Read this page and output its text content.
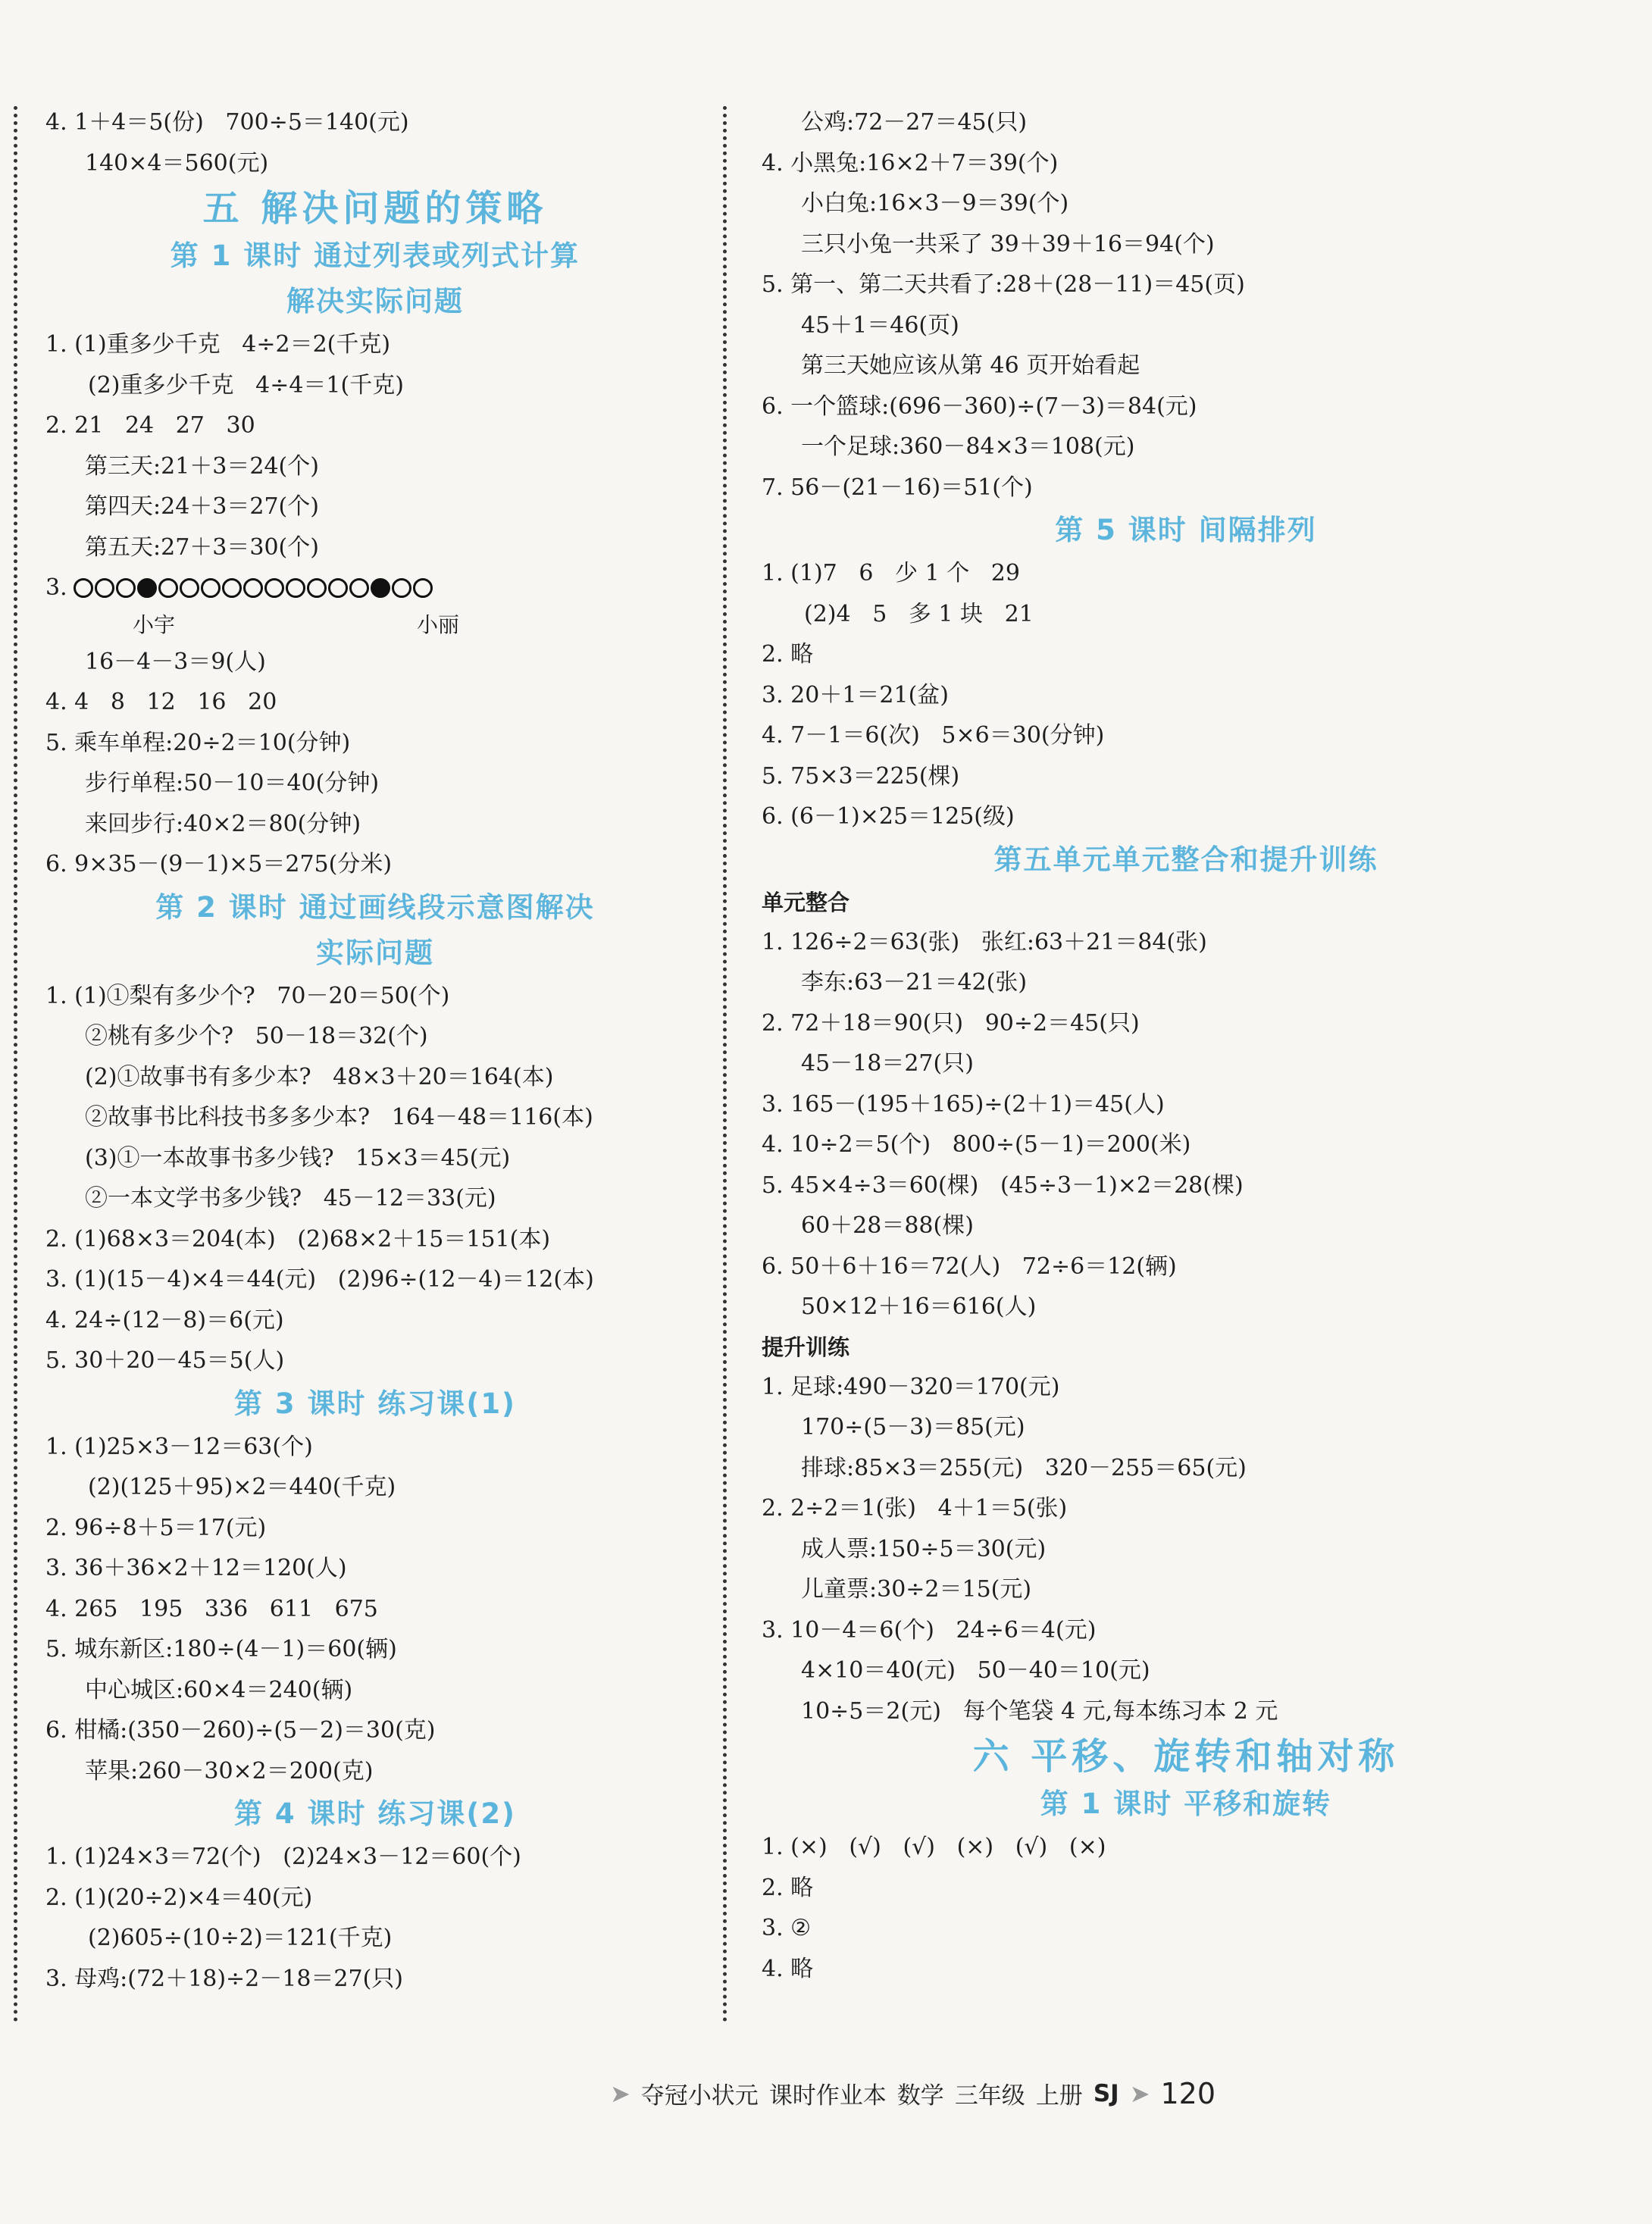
4. 1＋4＝5(份)   700÷5＝140(元)
140×4＝560(元)
五 解决问题的策略
第 1 课时 通过列表或列式计算
解决实际问题
1. (1)重多少千克   4÷2＝2(千克)
(2)重多少千克   4÷4＝1(千克)
2. 21   24   27   30
第三天:21＋3＝24(个)
第四天:24＋3＝27(个)
第五天:27＋3＝30(个)
3.
小宇	小丽
16－4－3＝9(人)
4. 4   8   12   16   20
5. 乘车单程:20÷2＝10(分钟)
步行单程:50－10＝40(分钟)
来回步行:40×2＝80(分钟)
6. 9×35－(9－1)×5＝275(分米)
第 2 课时 通过画线段示意图解决
实际问题
1. (1)①梨有多少个?   70－20＝50(个)
②桃有多少个?   50－18＝32(个)
(2)①故事书有多少本?   48×3＋20＝164(本)
②故事书比科技书多多少本?   164－48＝116(本)
(3)①一本故事书多少钱?   15×3＝45(元)
②一本文学书多少钱?   45－12＝33(元)
2. (1)68×3＝204(本)   (2)68×2＋15＝151(本)
3. (1)(15－4)×4＝44(元)   (2)96÷(12－4)＝12(本)
4. 24÷(12－8)＝6(元)
5. 30＋20－45＝5(人)
第 3 课时 练习课(1)
1. (1)25×3－12＝63(个)
(2)(125＋95)×2＝440(千克)
2. 96÷8＋5＝17(元)
3. 36＋36×2＋12＝120(人)
4. 265   195   336   611   675
5. 城东新区:180÷(4－1)＝60(辆)
中心城区:60×4＝240(辆)
6. 柑橘:(350－260)÷(5－2)＝30(克)
苹果:260－30×2＝200(克)
第 4 课时 练习课(2)
1. (1)24×3＝72(个)   (2)24×3－12＝60(个)
2. (1)(20÷2)×4＝40(元)
(2)605÷(10÷2)＝121(千克)
3. 母鸡:(72＋18)÷2－18＝27(只)
公鸡:72－27＝45(只)
4. 小黑兔:16×2＋7＝39(个)
小白兔:16×3－9＝39(个)
三只小兔一共采了 39＋39＋16＝94(个)
5. 第一、第二天共看了:28＋(28－11)＝45(页)
45＋1＝46(页)
第三天她应该从第 46 页开始看起
6. 一个篮球:(696－360)÷(7－3)＝84(元)
一个足球:360－84×3＝108(元)
7. 56－(21－16)＝51(个)
第 5 课时 间隔排列
1. (1)7   6   少 1 个   29
(2)4   5   多 1 块   21
2. 略
3. 20＋1＝21(盆)
4. 7－1＝6(次)   5×6＝30(分钟)
5. 75×3＝225(棵)
6. (6－1)×25＝125(级)
第五单元单元整合和提升训练
单元整合
1. 126÷2＝63(张)   张红:63＋21＝84(张)
李东:63－21＝42(张)
2. 72＋18＝90(只)   90÷2＝45(只)
45－18＝27(只)
3. 165－(195＋165)÷(2＋1)＝45(人)
4. 10÷2＝5(个)   800÷(5－1)＝200(米)
5. 45×4÷3＝60(棵)   (45÷3－1)×2＝28(棵)
60＋28＝88(棵)
6. 50＋6＋16＝72(人)   72÷6＝12(辆)
50×12＋16＝616(人)
提升训练
1. 足球:490－320＝170(元)
170÷(5－3)＝85(元)
排球:85×3＝255(元)   320－255＝65(元)
2. 2÷2＝1(张)   4＋1＝5(张)
成人票:150÷5＝30(元)
儿童票:30÷2＝15(元)
3. 10－4＝6(个)   24÷6＝4(元)
4×10＝40(元)   50－40＝10(元)
10÷5＝2(元)   每个笔袋 4 元,每本练习本 2 元
六 平移、旋转和轴对称
第 1 课时 平移和旋转
1. (×)   (√)   (√)   (×)   (√)   (×)
2. 略
3. ②
4. 略
➤ 夺冠小状元 课时作业本 数学 三年级 上册 SJ ➤ 120
